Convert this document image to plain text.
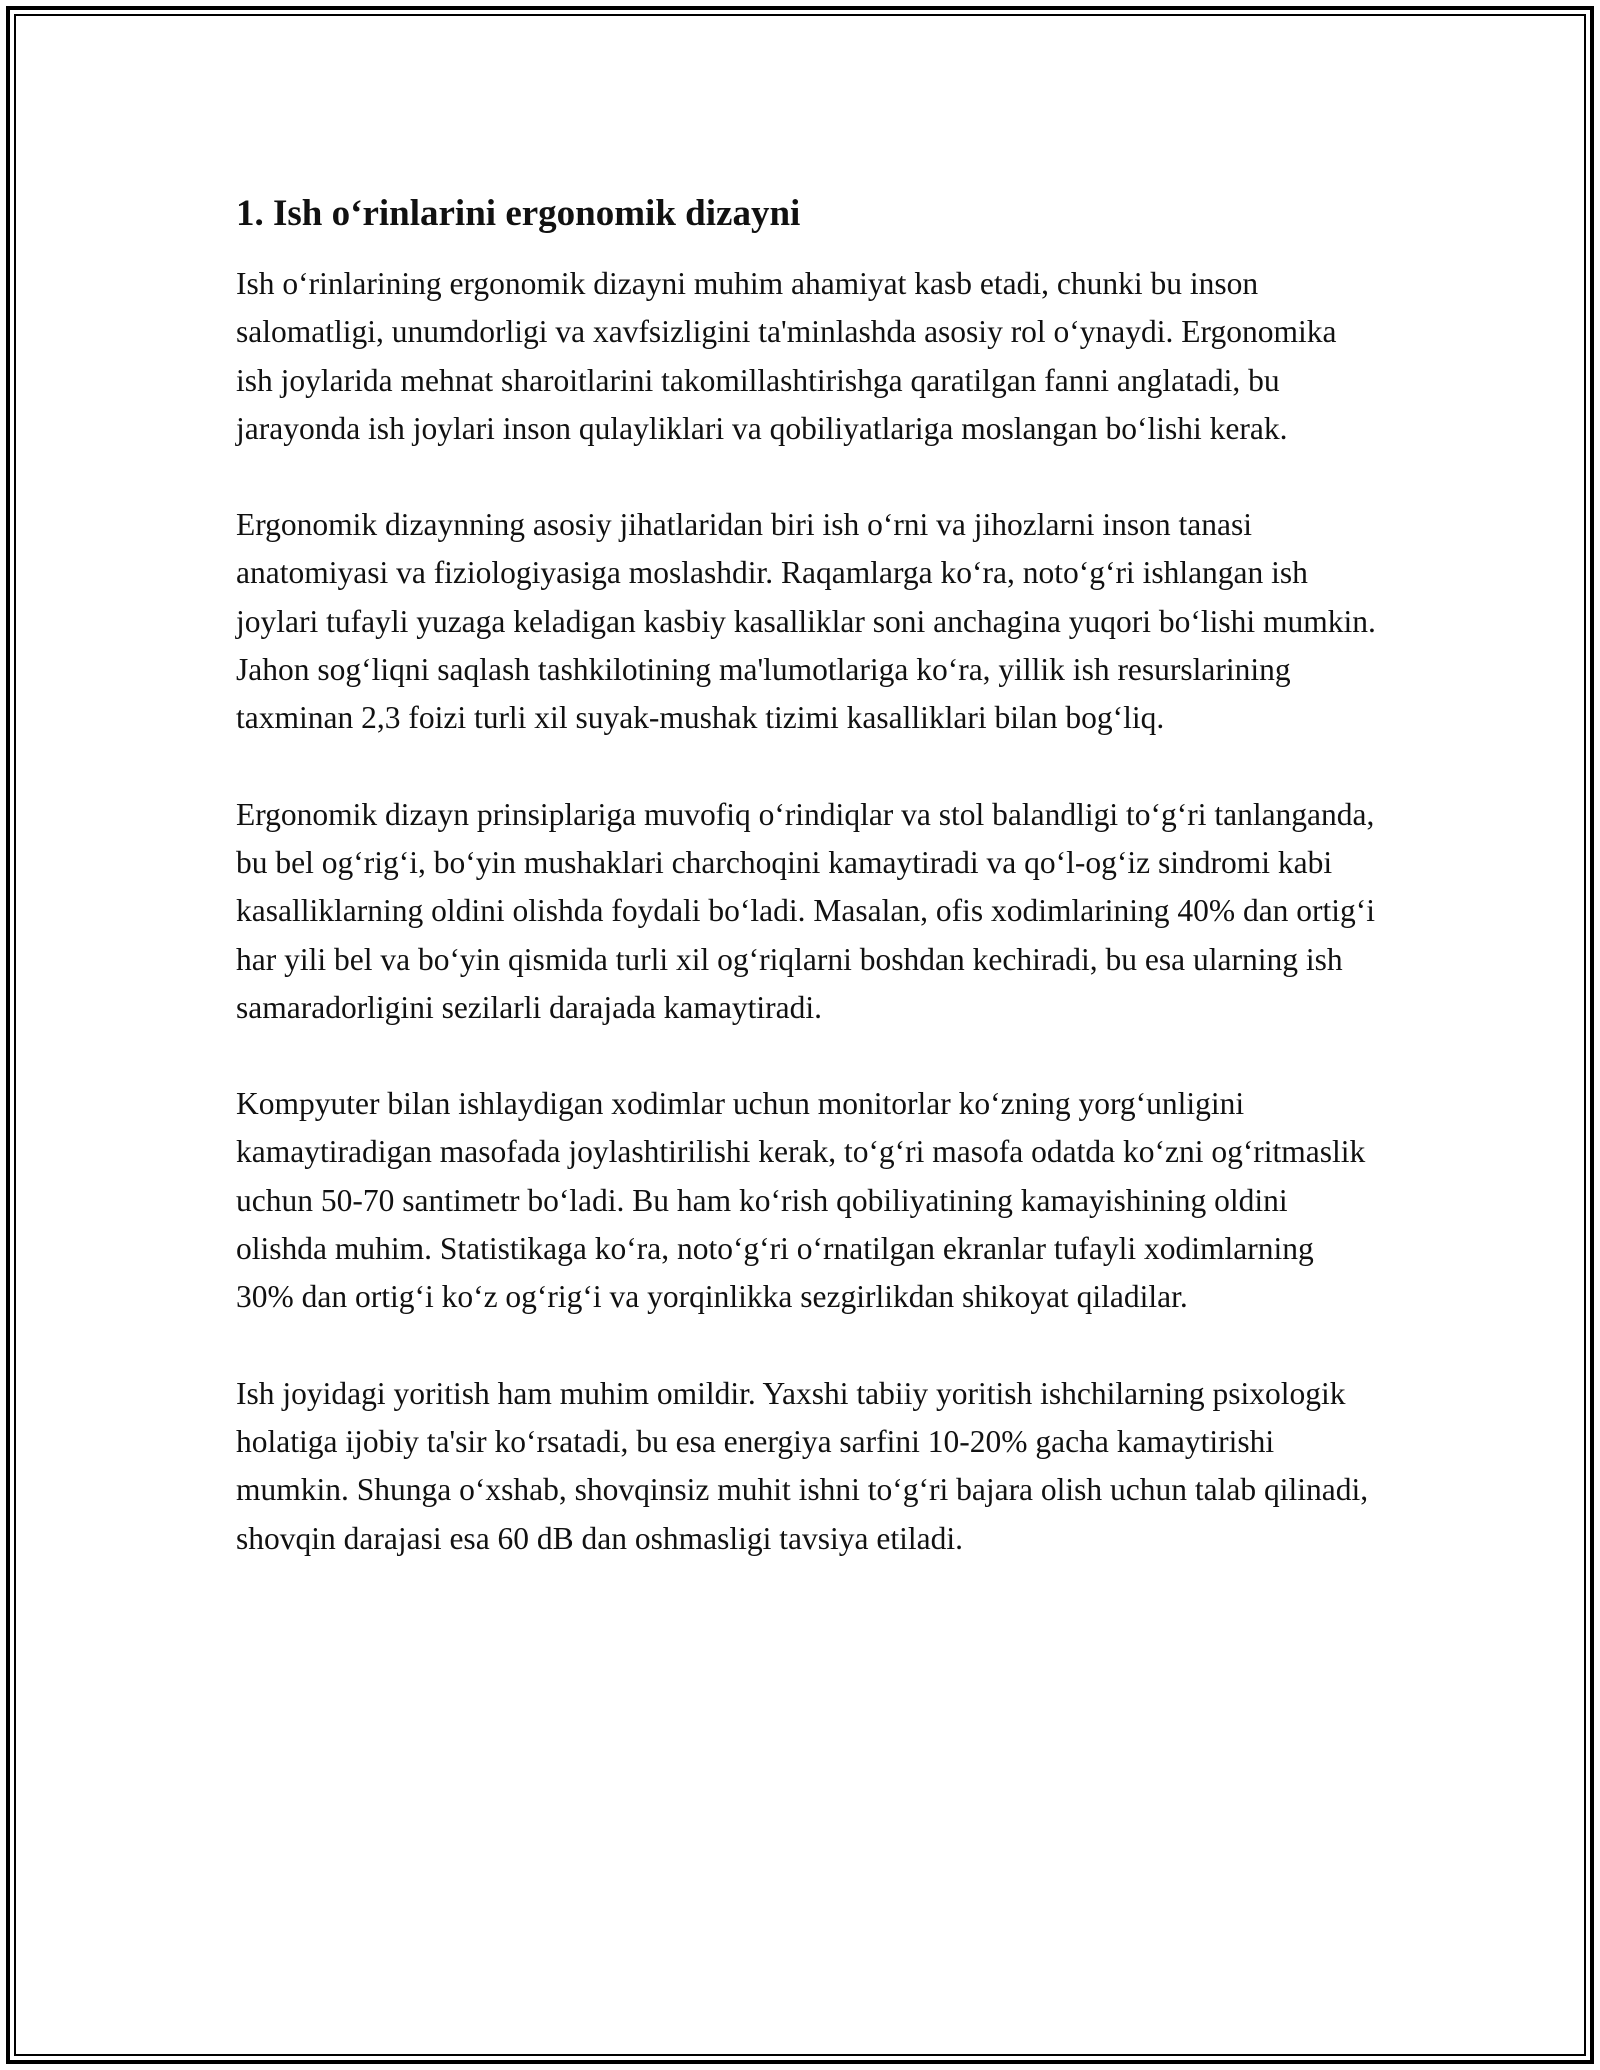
1. Ish o‘rinlarini ergonomik dizayni

Ish o‘rinlarining ergonomik dizayni muhim ahamiyat kasb etadi, chunki bu inson salomatligi, unumdorligi va xavfsizligini ta'minlashda asosiy rol o‘ynaydi. Ergonomika ish joylarida mehnat sharoitlarini takomillashtirishga qaratilgan fanni anglatadi, bu jarayonda ish joylari inson qulayliklari va qobiliyatlariga moslangan bo‘lishi kerak.

Ergonomik dizaynning asosiy jihatlaridan biri ish o‘rni va jihozlarni inson tanasi anatomiyasi va fiziologiyasiga moslashdir. Raqamlarga ko‘ra, noto‘g‘ri ishlangan ish joylari tufayli yuzaga keladigan kasbiy kasalliklar soni anchagina yuqori bo‘lishi mumkin. Jahon sog‘liqni saqlash tashkilotining ma'lumotlariga ko‘ra, yillik ish resurslarining taxminan 2,3 foizi turli xil suyak-mushak tizimi kasalliklari bilan bog‘liq.

Ergonomik dizayn prinsiplariga muvofiq o‘rindiqlar va stol balandligi to‘g‘ri tanlanganda, bu bel og‘rig‘i, bo‘yin mushaklari charchoqini kamaytiradi va qo‘l-og‘iz sindromi kabi kasalliklarning oldini olishda foydali bo‘ladi. Masalan, ofis xodimlarining 40% dan ortig‘i har yili bel va bo‘yin qismida turli xil og‘riqlarni boshdan kechiradi, bu esa ularning ish samaradorligini sezilarli darajada kamaytiradi.

Kompyuter bilan ishlaydigan xodimlar uchun monitorlar ko‘zning yorg‘unligini kamaytiradigan masofada joylashtirilishi kerak, to‘g‘ri masofa odatda ko‘zni og‘ritmaslik uchun 50-70 santimetr bo‘ladi. Bu ham ko‘rish qobiliyatining kamayishining oldini olishda muhim. Statistikaga ko‘ra, noto‘g‘ri o‘rnatilgan ekranlar tufayli xodimlarning 30% dan ortig‘i ko‘z og‘rig‘i va yorqinlikka sezgirlikdan shikoyat qiladilar.

Ish joyidagi yoritish ham muhim omildir. Yaxshi tabiiy yoritish ishchilarning psixologik holatiga ijobiy ta'sir ko‘rsatadi, bu esa energiya sarfini 10-20% gacha kamaytirishi mumkin. Shunga o‘xshab, shovqinsiz muhit ishni to‘g‘ri bajara olish uchun talab qilinadi, shovqin darajasi esa 60 dB dan oshmasligi tavsiya etiladi.
